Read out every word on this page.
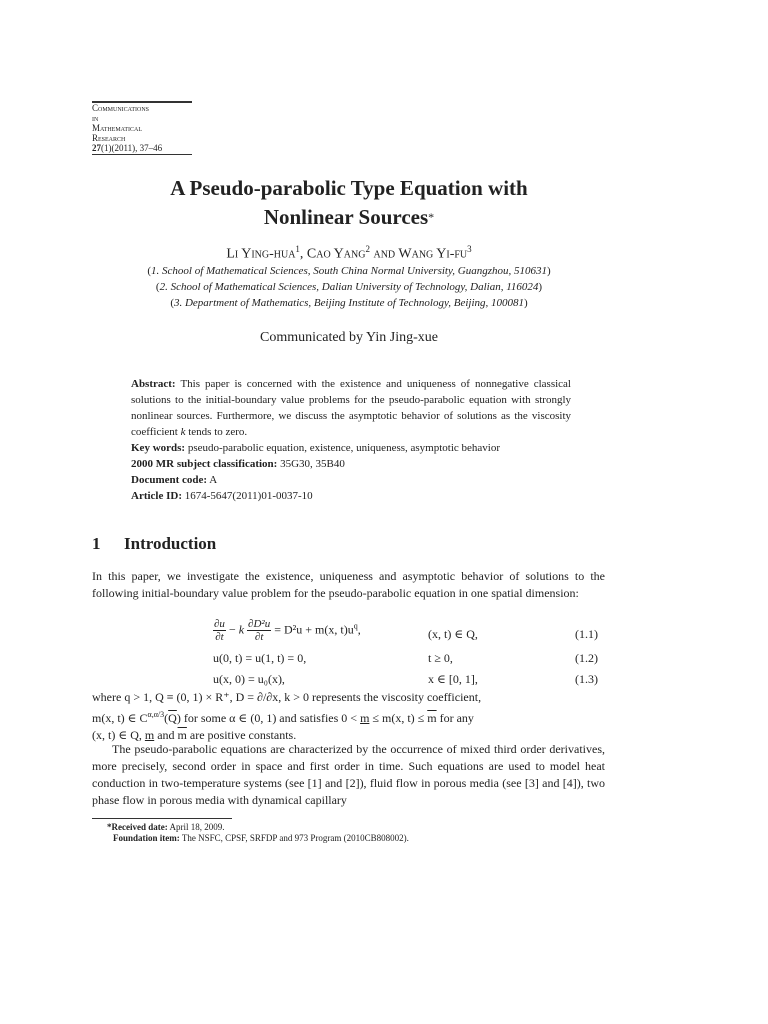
Communications
in
Mathematical
Research
27(1)(2011), 37–46
A Pseudo-parabolic Type Equation with
Nonlinear Sources*
Li Ying-hua$^1$, Cao Yang$^2$ and Wang $Yi-fu^3$
(1. School of Mathematical Sciences, South China Normal University, Guangzhou, 510631)
(2. School of Mathematical Sciences, Dalian University of Technology, Dalian, 116024)
(3. Department of Mathematics, Beijing Institute of Technology, Beijing, 100081)
Communicated by Yin Jing-xue
Abstract: This paper is concerned with the existence and uniqueness of nonnegative classical solutions to the initial-boundary value problems for the pseudo-parabolic equation with strongly nonlinear sources. Furthermore, we discuss the asymptotic behavior of solutions as the viscosity coefficient k tends to zero.
Key words: pseudo-parabolic equation, existence, uniqueness, asymptotic behavior
2000 MR subject classification: 35G30, 35B40
Document code: A
Article ID: 1674-5647(2011)01-0037-10
1 Introduction
In this paper, we investigate the existence, uniqueness and asymptotic behavior of solutions to the following initial-boundary value problem for the pseudo-parabolic equation in one spatial dimension:
$\frac{\partial u}{\partial t} - k \frac{\text{∂D²u}}{\partial t} = D^2u + m(x$, $t)u^q$,	(x, t) ∈ Q,	(1.1)
u(0, t) = u(1, t) = 0,	t ≥ 0,	(1.2)
u(x, 0) = u₀(x),	x ∈ [0, 1],	(1.3)
where q > 1, Q ≡ (0, 1) × R⁺, D = ∂/∂x, k > 0 represents the viscosity coefficient,
m(x, t) ∈ $C^{\alpha,\alpha/3}(\overline{Q})$ for some α ∈ (0, 1) and satisfies 0 < m ≤ m(x, $t) \le \overline{m}$ for any
(x, t) ∈ Q, m and $\overline{m}$ are positive constants.
The pseudo-parabolic equations are characterized by the occurrence of mixed third order derivatives, more precisely, second order in space and first order in time. Such equations are used to model heat conduction in two-temperature systems (see [1] and [2]), fluid flow in porous media (see [3] and [4]), two phase flow in porous media with dynamical capillary
*Received date: April 18, 2009.
Foundation item: The NSFC, CPSF, SRFDP and 973 Program (2010CB808002).
